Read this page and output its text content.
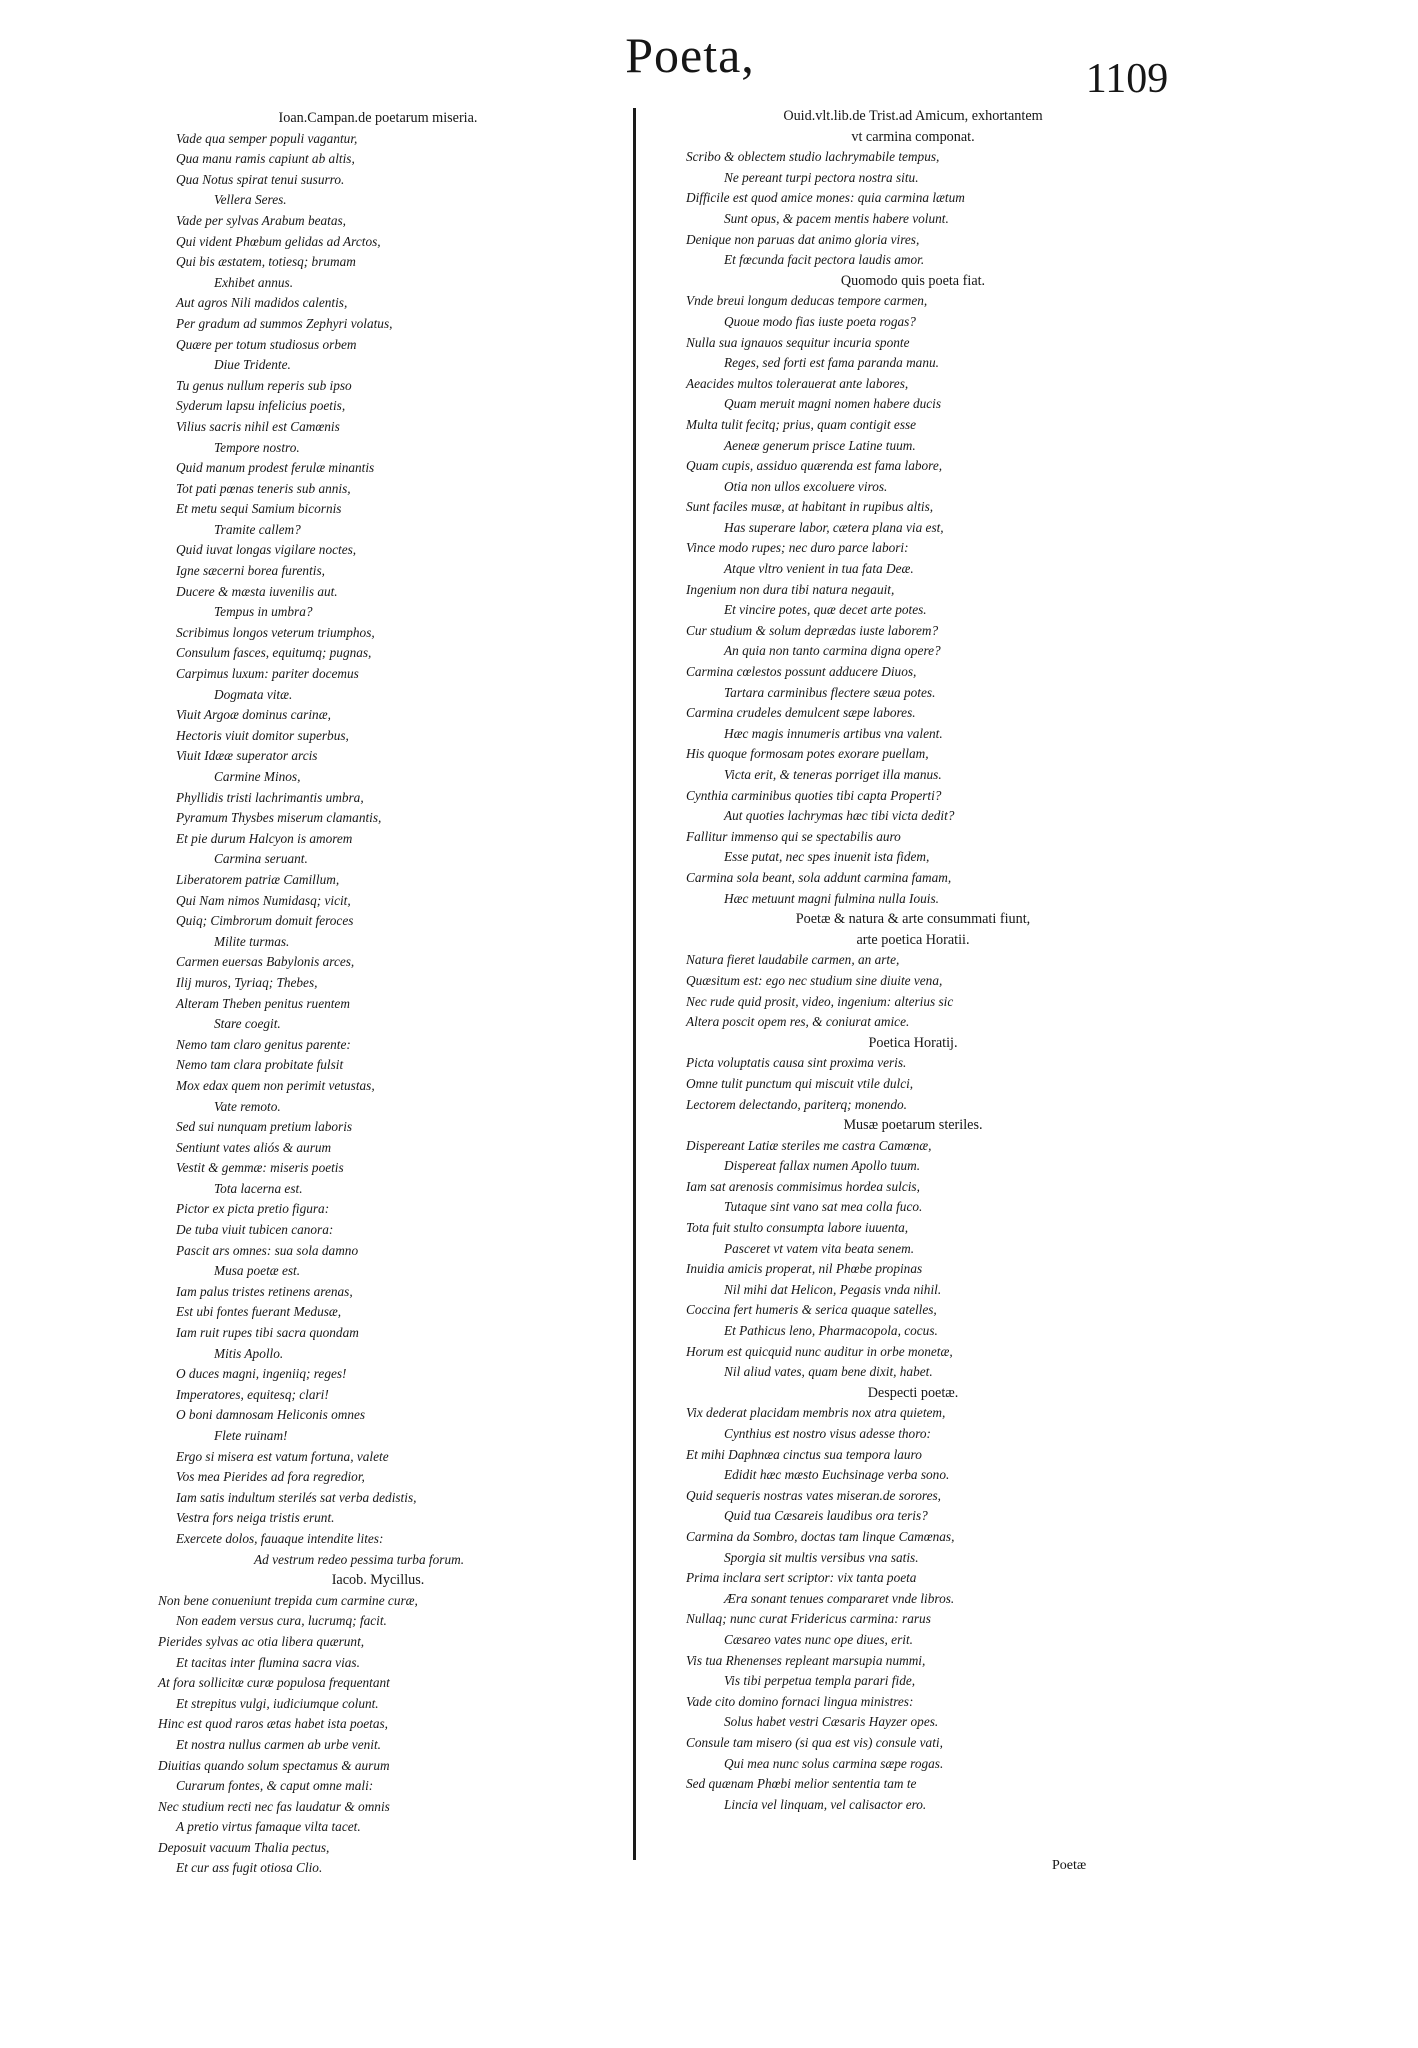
Poeta,	1109
Ioan.Campan.de poetarum miseria.
Vade qua semper populi vagantur,
Qua manu ramis capiunt ab altis,
Qua Notus spirat tenui susurro.
Vellera Seres.
Vade per sylvas Arabum beatas,
Qui vident Phœbum gelidas ad Arctos,
Qui bis æstatem, totiesq; brumam
Exhibet annus.
Aut agros Nili madidos calentis,
Per gradum ad summos Zephyri volatus,
Quære per totum studiosus orbem
Diue Tridente.
Tu genus nullum reperis sub ipso
Syderum lapsu infelicius poetis,
Vilius sacris nihil est Camœnis
Tempore nostro.
Quid manum prodest ferulæ minantis
Tot pati pœnas teneris sub annis,
Et metu sequi Samium bicornis
Tramite callem?
Quid iuvat longas vigilare noctes,
Igne sæcerni borea furentis,
Ducere & mæsta iuvenilis aut.
Tempus in umbra?
Scribimus longos veterum triumphos,
Consulum fasces, equitumq; pugnas,
Carpimus luxum: pariter docemus
Dogmata vitæ.
Viuit Argoæ dominus carinæ,
Hectoris viuit domitor superbus,
Viuit Idææ superator arcis
Carmine Minos,
Phyllidis tristi lachrimantis umbra,
Pyramum Thysbes miserum clamantis,
Et pie durum Halcyon is amorem
Carmina seruant.
Liberatorem patriæ Camillum,
Qui Nam nimos Numidasq; vicit,
Quiq; Cimbrorum domuit feroces
Milite turmas.
Carmen euersas Babylonis arces,
Ilij muros, Tyriaq; Thebes,
Alteram Theben penitus ruentem
Stare coegit.
Nemo tam claro genitus parente:
Nemo tam clara probitate fulsit
Mox edax quem non perimit vetustas,
Vate remoto.
Sed sui nunquam pretium laboris
Sentiunt vates aliós & aurum
Vestit & gemmæ: miseris poetis
Tota lacerna est.
Pictor ex picta pretio figura:
De tuba viuit tubicen canora:
Pascit ars omnes: sua sola damno
Musa poetæ est.
Iam palus tristes retinens arenas,
Est ubi fontes fuerant Medusæ,
Iam ruit rupes tibi sacra quondam
Mitis Apollo.
O duces magni, ingeniiq; reges!
Imperatores, equitesq; clari!
O boni damnosam Heliconis omnes
Flete ruinam!
Ergo si misera est vatum fortuna, valete
Vos mea Pierides ad fora regredior,
Iam satis indultum sterilés sat verba dedistis,
Vestra fors neiga tristis erunt.
Exercete dolos, fauaque intendite lites:
Ad vestrum redeo pessima turba forum.
Iacob. Mycillus.
Non bene conueniunt trepida cum carmine curæ,
Non eadem versus cura, lucrumq; facit.
Pierides sylvas ac otia libera quærunt,
Et tacitas inter flumina sacra vias.
At fora sollicitæ curæ populosa frequentant
Et strepitus vulgi, iudiciumque colunt.
Hinc est quod raros ætas habet ista poetas,
Et nostra nullus carmen ab urbe venit.
Diuitias quando solum spectamus & aurum
Curarum fontes, & caput omne mali:
Nec studium recti nec fas laudatur & omnis
A pretio virtus famaque vilta tacet.
Deposuit vacuum Thalia pectus,
Et cur ass fugit otiosa Clio.
Ouid.vlt.lib.de Trist.ad Amicum, exhortantem
vt carmina componat.
Scribo & oblectem studio lachrymabile tempus,
Ne pereant turpi pectora nostra situ.
Difficile est quod amice mones: quia carmina lætum
Sunt opus, & pacem mentis habere volunt.
Denique non paruas dat animo gloria vires,
Et fœcunda facit pectora laudis amor.
Quomodo quis poeta fiat.
Vnde breui longum deducas tempore carmen,
Quoue modo fias iuste poeta rogas?
Nulla sua ignauos sequitur incuria sponte
Reges, sed forti est fama paranda manu.
Aeacides multos tolerauerat ante labores,
Quam meruit magni nomen habere ducis
Multa tulit fecitq; prius, quam contigit esse
Aeneæ generum prisce Latine tuum.
Quam cupis, assiduo quærenda est fama labore,
Otia non ullos excoluere viros.
Sunt faciles musæ, at habitant in rupibus altis,
Has superare labor, cætera plana via est,
Vince modo rupes; nec duro parce labori:
Atque vltro venient in tua fata Deæ.
Ingenium non dura tibi natura negauit,
Et vincire potes, quæ decet arte potes.
Cur studium & solum deprædas iuste laborem?
An quia non tanto carmina digna opere?
Carmina cœlestos possunt adducere Diuos,
Tartara carminibus flectere sæua potes.
Carmina crudeles demulcent sæpe labores.
Hæc magis innumeris artibus vna valent.
His quoque formosam potes exorare puellam,
Victa erit, & teneras porriget illa manus.
Cynthia carminibus quoties tibi capta Properti?
Aut quoties lachrymas hæc tibi victa dedit?
Fallitur immenso qui se spectabilis auro
Esse putat, nec spes inuenit ista fidem,
Carmina sola beant, sola addunt carmina famam,
Hæc metuunt magni fulmina nulla Iouis.
Poetæ & natura & arte consummati fiunt,
arte poetica Horatii.
Natura fieret laudabile carmen, an arte,
Quæsitum est: ego nec studium sine diuite vena,
Nec rude quid prosit, video, ingenium: alterius sic
Altera poscit opem res, & coniurat amice.
Poetica Horatij.
Picta voluptatis causa sint proxima veris.
Omne tulit punctum qui miscuit vtile dulci,
Lectorem delectando, pariterq; monendo.
Musæ poetarum steriles.
Dispereant Latiæ steriles me castra Camœnæ,
Dispereat fallax numen Apollo tuum.
Iam sat arenosis commisimus hordea sulcis,
Tutaque sint vano sat mea colla fuco.
Tota fuit stulto consumpta labore iuuenta,
Pasceret vt vatem vita beata senem.
Inuidia amicis properat, nil Phœbe propinas
Nil mihi dat Helicon, Pegasis vnda nihil.
Coccina fert humeris & serica quaque satelles,
Et Pathicus leno, Pharmacopola, cocus.
Horum est quicquid nunc auditur in orbe monetæ,
Nil aliud vates, quam bene dixit, habet.
Despecti poetæ.
Vix dederat placidam membris nox atra quietem,
Cynthius est nostro visus adesse thoro:
Et mihi Daphnæa cinctus sua tempora lauro
Edidit hæc mæsto Euchsinage verba sono.
Quid sequeris nostras vates miseran.de sorores,
Quid tua Cæsareis laudibus ora teris?
Carmina da Sombro, doctas tam linque Camœnas,
Sporgia sit multis versibus vna satis.
Prima inclara sert scriptor: vix tanta poeta
Æra sonant tenues compararet vnde libros.
Nullaq; nunc curat Fridericus carmina: rarus
Cæsareo vates nunc ope diues, erit.
Vis tua Rhenenses repleant marsupia nummi,
Vis tibi perpetua templa parari fide,
Vade cito domino fornaci lingua ministres:
Solus habet vestri Cæsaris Hayzer opes.
Consule tam misero (si qua est vis) consule vati,
Qui mea nunc solus carmina sæpe rogas.
Sed quænam Phœbi melior sententia tam te
Lincia vel linquam, vel calisactor ero.
Poetæ
